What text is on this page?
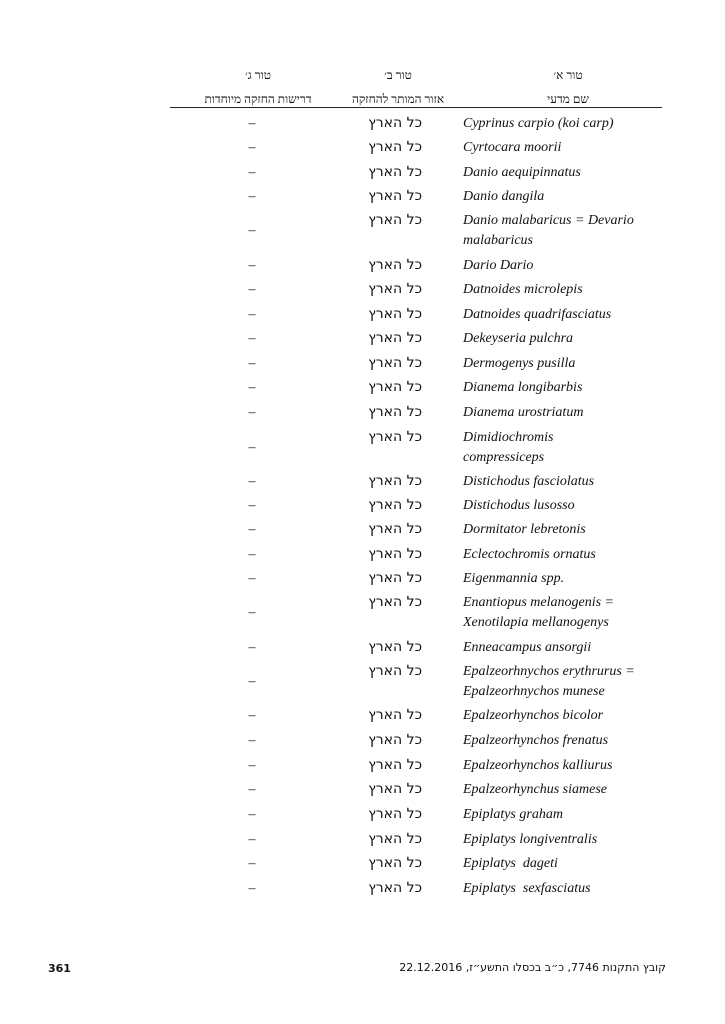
טור א׳
שם מדעי
טור ב׳
אזור המותר להחזקה
טור ג׳
דרישות החזקה מיוחדות
Cyprinus carpio (koi carp)
כל הארץ
–
Cyrtocara moorii
כל הארץ
–
Danio aequipinnatus
כל הארץ
–
Danio dangila
כל הארץ
–
Danio malabaricus = Devario
malabaricus
כל הארץ
–
Dario Dario
כל הארץ
–
Datnoides microlepis
כל הארץ
–
Datnoides quadrifasciatus
כל הארץ
–
Dekeyseria pulchra
כל הארץ
–
Dermogenys pusilla
כל הארץ
–
Dianema longibarbis
כל הארץ
–
Dianema urostriatum
כל הארץ
–
Dimidiochromis
compressiceps
כל הארץ
–
Distichodus fasciolatus
כל הארץ
–
Distichodus lusosso
כל הארץ
–
Dormitator lebretonis
כל הארץ
–
Eclectochromis ornatus
כל הארץ
–
Eigenmannia spp.
כל הארץ
–
Enantiopus melanogenis =
Xenotilapia mellanogenys
כל הארץ
–
Enneacampus ansorgii
כל הארץ
–
Epalzeorhnychos erythrurus =
Epalzeorhnychos munese
כל הארץ
–
Epalzeorhynchos bicolor
כל הארץ
–
Epalzeorhynchos frenatus
כל הארץ
–
Epalzeorhynchos kalliurus
כל הארץ
–
Epalzeorhynchus siamese
כל הארץ
–
Epiplatys graham
כל הארץ
–
Epiplatys longiventralis
כל הארץ
–
Epiplatys  dageti
כל הארץ
–
Epiplatys  sexfasciatus
כל הארץ
–
קובץ התקנות 7746, כ״ב בכסלו התשע״ז, 22.12.2016
361
